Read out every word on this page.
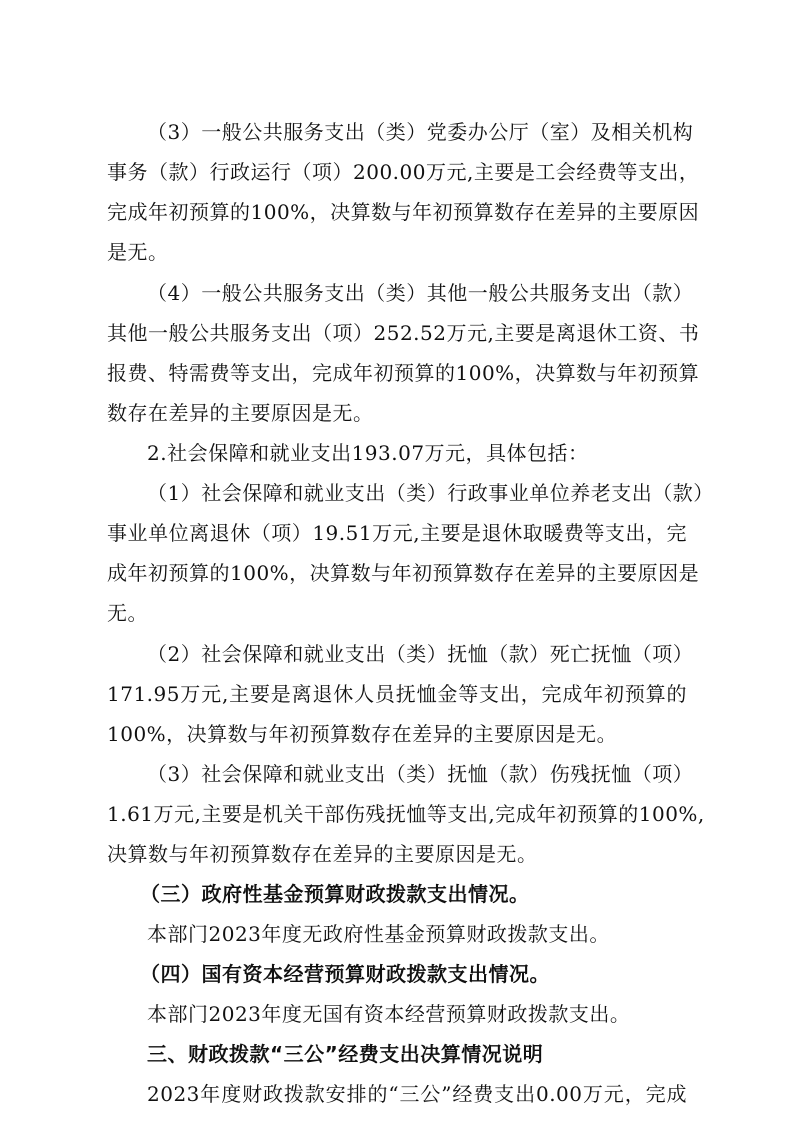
（3）一般公共服务支出（类）党委办公厅（室）及相关机构
事务（款）行政运行（项）200.00万元,主要是工会经费等支出，
完成年初预算的100%，决算数与年初预算数存在差异的主要原因
是无。
（4）一般公共服务支出（类）其他一般公共服务支出（款）
其他一般公共服务支出（项）252.52万元,主要是离退休工资、书
报费、特需费等支出，完成年初预算的100%，决算数与年初预算
数存在差异的主要原因是无。
2.社会保障和就业支出193.07万元，具体包括：
（1）社会保障和就业支出（类）行政事业单位养老支出（款）
事业单位离退休（项）19.51万元,主要是退休取暖费等支出，完
成年初预算的100%，决算数与年初预算数存在差异的主要原因是
无。
（2）社会保障和就业支出（类）抚恤（款）死亡抚恤（项）
171.95万元,主要是离退休人员抚恤金等支出，完成年初预算的
100%，决算数与年初预算数存在差异的主要原因是无。
（3）社会保障和就业支出（类）抚恤（款）伤残抚恤（项）
1.61万元,主要是机关干部伤残抚恤等支出,完成年初预算的100%,
决算数与年初预算数存在差异的主要原因是无。
（三）政府性基金预算财政拨款支出情况。
本部门2023年度无政府性基金预算财政拨款支出。
（四）国有资本经营预算财政拨款支出情况。
本部门2023年度无国有资本经营预算财政拨款支出。
三、财政拨款“三公”经费支出决算情况说明
2023年度财政拨款安排的“三公”经费支出0.00万元，完成
